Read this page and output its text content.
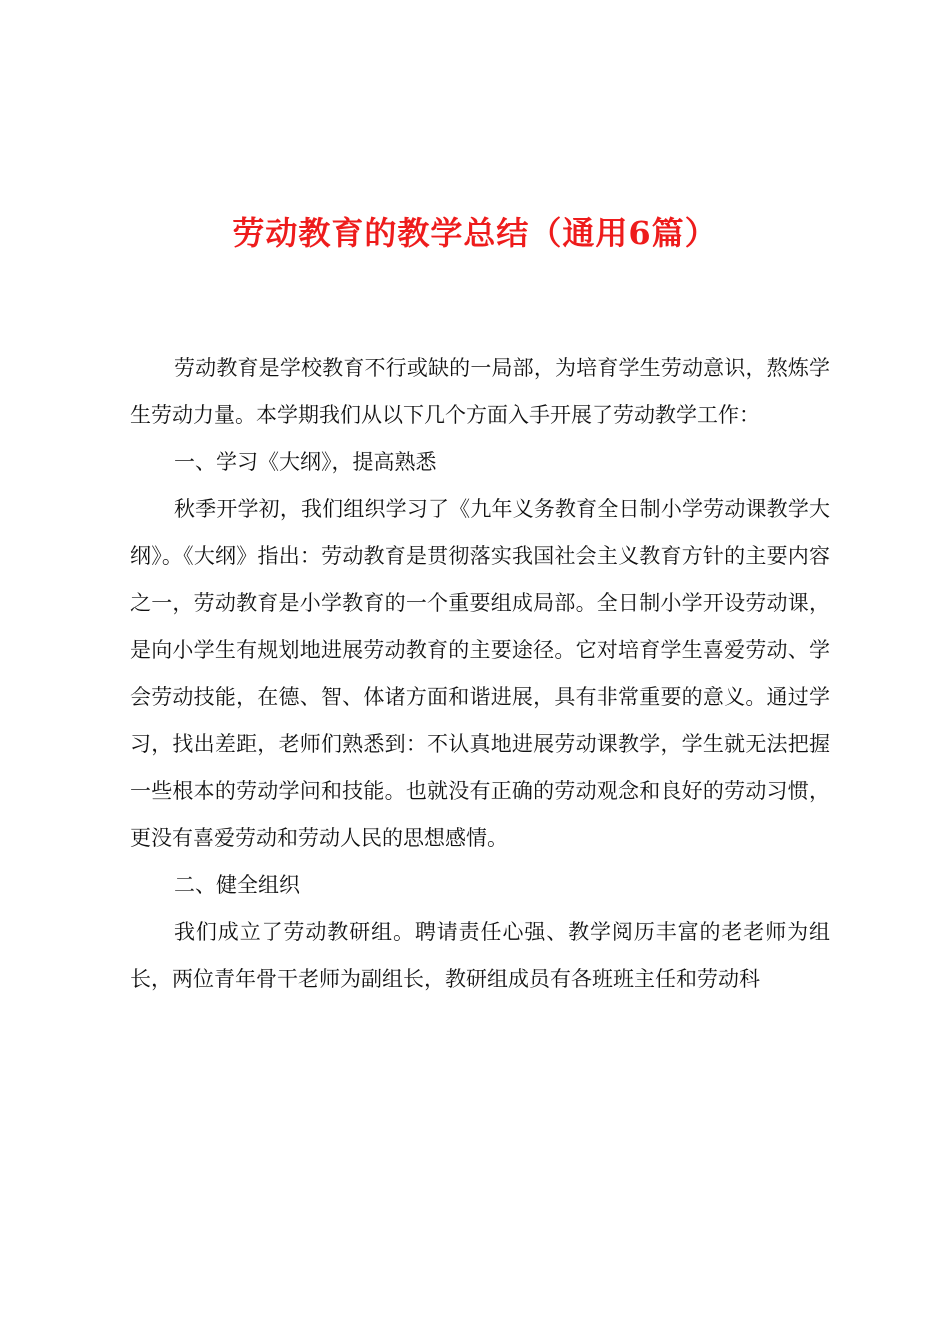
劳动教育的教学总结（通用6篇）

劳动教育是学校教育不行或缺的一局部，为培育学生劳动意识，熬炼学生劳动力量。本学期我们从以下几个方面入手开展了劳动教学工作：

一、学习《大纲》，提高熟悉

秋季开学初，我们组织学习了《九年义务教育全日制小学劳动课教学大纲》。《大纲》指出：劳动教育是贯彻落实我国社会主义教育方针的主要内容之一，劳动教育是小学教育的一个重要组成局部。全日制小学开设劳动课，是向小学生有规划地进展劳动教育的主要途径。它对培育学生喜爱劳动、学会劳动技能，在德、智、体诸方面和谐进展，具有非常重要的意义。通过学习，找出差距，老师们熟悉到：不认真地进展劳动课教学，学生就无法把握一些根本的劳动学问和技能。也就没有正确的劳动观念和良好的劳动习惯，更没有喜爱劳动和劳动人民的思想感情。

二、健全组织

我们成立了劳动教研组。聘请责任心强、教学阅历丰富的老老师为组长，两位青年骨干老师为副组长，教研组成员有各班班主任和劳动科
